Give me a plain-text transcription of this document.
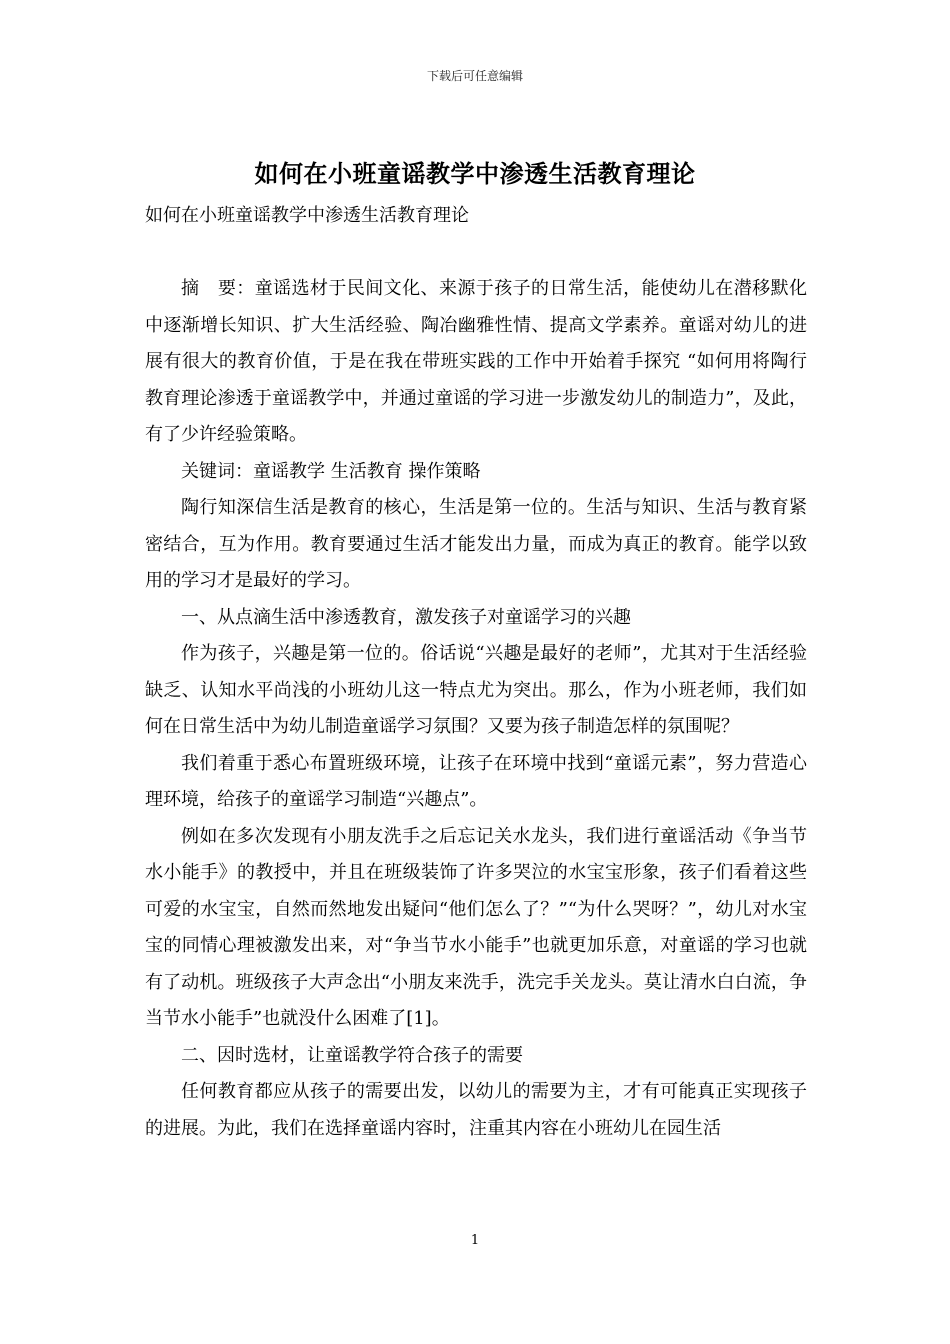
下载后可任意编辑
如何在小班童谣教学中渗透生活教育理论
如何在小班童谣教学中渗透生活教育理论

摘　要：童谣选材于民间文化、来源于孩子的日常生活，能使幼儿在潜移默化中逐渐增长知识、扩大生活经验、陶冶幽雅性情、提高文学素养。童谣对幼儿的进展有很大的教育价值，于是在我在带班实践的工作中开始着手探究 “如何用将陶行教育理论渗透于童谣教学中，并通过童谣的学习进一步激发幼儿的制造力”，及此，有了少许经验策略。

关键词：童谣教学 生活教育 操作策略

陶行知深信生活是教育的核心，生活是第一位的。生活与知识、生活与教育紧密结合，互为作用。教育要通过生活才能发出力量，而成为真正的教育。能学以致用的学习才是最好的学习。

一、从点滴生活中渗透教育，激发孩子对童谣学习的兴趣

作为孩子，兴趣是第一位的。俗话说“兴趣是最好的老师”，尤其对于生活经验缺乏、认知水平尚浅的小班幼儿这一特点尤为突出。那么，作为小班老师，我们如何在日常生活中为幼儿制造童谣学习氛围？又要为孩子制造怎样的氛围呢？

我们着重于悉心布置班级环境，让孩子在环境中找到“童谣元素”，努力营造心理环境，给孩子的童谣学习制造“兴趣点”。

例如在多次发现有小朋友洗手之后忘记关水龙头，我们进行童谣活动《争当节水小能手》的教授中，并且在班级装饰了许多哭泣的水宝宝形象，孩子们看着这些可爱的水宝宝，自然而然地发出疑问“他们怎么了？”“为什么哭呀？”，幼儿对水宝宝的同情心理被激发出来，对“争当节水小能手”也就更加乐意，对童谣的学习也就有了动机。班级孩子大声念出“小朋友来洗手，洗完手关龙头。莫让清水白白流，争当节水小能手”也就没什么困难了[1]。

二、因时选材，让童谣教学符合孩子的需要

任何教育都应从孩子的需要出发，以幼儿的需要为主，才有可能真正实现孩子的进展。为此，我们在选择童谣内容时，注重其内容在小班幼儿在园生活

1
